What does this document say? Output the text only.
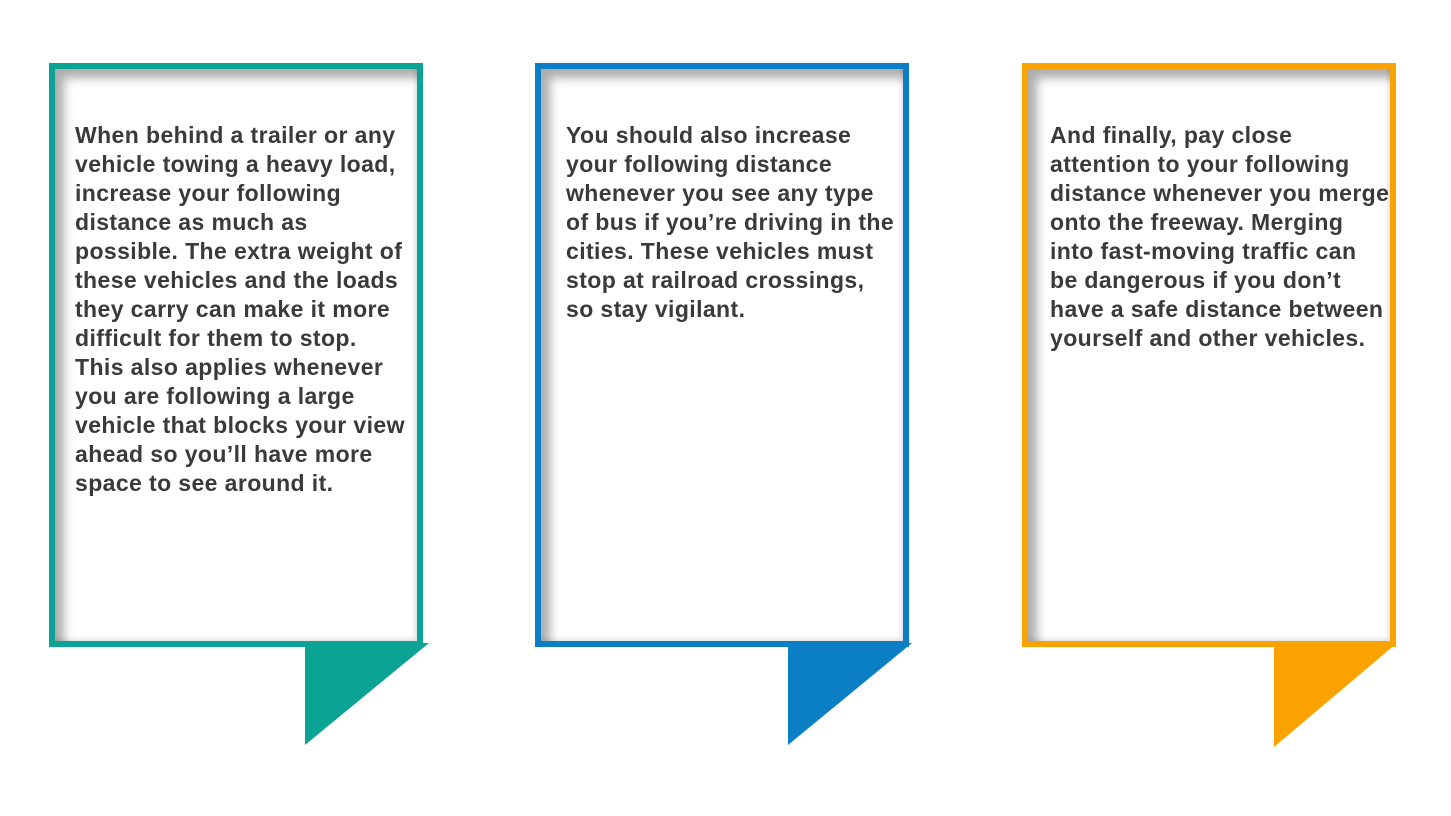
When behind a trailer or any vehicle towing a heavy load, increase your following distance as much as possible. The extra weight of these vehicles and the loads they carry can make it more difficult for them to stop. This also applies whenever you are following a large vehicle that blocks your view ahead so you’ll have more space to see around it.

You should also increase your following distance whenever you see any type of bus if you’re driving in the cities. These vehicles must stop at railroad crossings, so stay vigilant.

And finally, pay close attention to your following distance whenever you merge onto the freeway. Merging into fast-moving traffic can be dangerous if you don’t have a safe distance between yourself and other vehicles.
